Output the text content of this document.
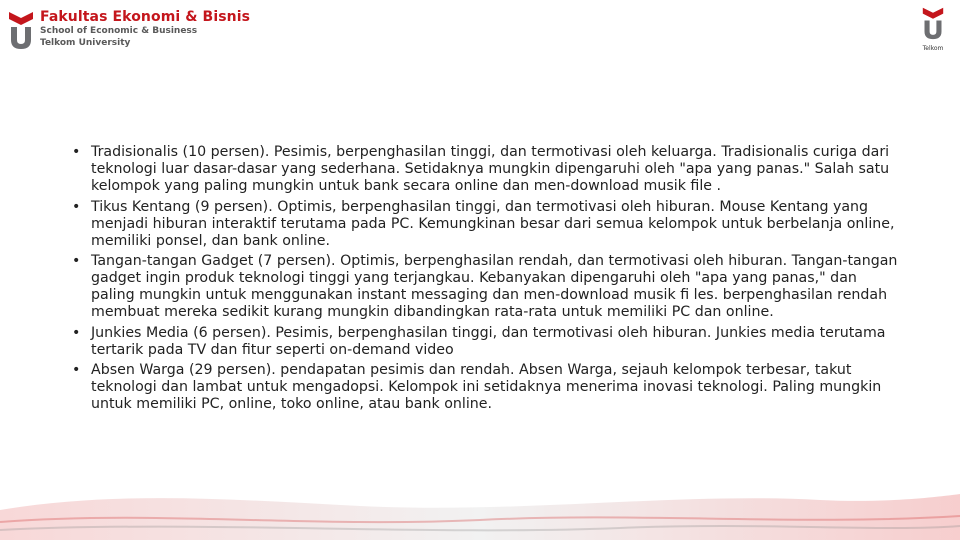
Fakultas Ekonomi & Bisnis
School of Economic & Business
Telkom University
Telkom
• Tradisionalis (10 persen). Pesimis, berpenghasilan tinggi, dan termotivasi oleh keluarga. Tradisionalis curiga dari teknologi luar dasar-dasar yang sederhana. Setidaknya mungkin dipengaruhi oleh "apa yang panas." Salah satu kelompok yang paling mungkin untuk bank secara online dan men-download musik file .
• Tikus Kentang (9 persen). Optimis, berpenghasilan tinggi, dan termotivasi oleh hiburan. Mouse Kentang yang menjadi hiburan interaktif terutama pada PC. Kemungkinan besar dari semua kelompok untuk berbelanja online, memiliki ponsel, dan bank online.
• Tangan-tangan Gadget (7 persen). Optimis, berpenghasilan rendah, dan termotivasi oleh hiburan. Tangan-tangan gadget ingin produk teknologi tinggi yang terjangkau. Kebanyakan dipengaruhi oleh "apa yang panas," dan paling mungkin untuk menggunakan instant messaging dan men-download musik fi les. berpenghasilan rendah membuat mereka sedikit kurang mungkin dibandingkan rata-rata untuk memiliki PC dan online.
• Junkies Media (6 persen). Pesimis, berpenghasilan tinggi, dan termotivasi oleh hiburan. Junkies media terutama tertarik pada TV dan fitur seperti on-demand video
• Absen Warga (29 persen). pendapatan pesimis dan rendah. Absen Warga, sejauh kelompok terbesar, takut teknologi dan lambat untuk mengadopsi. Kelompok ini setidaknya menerima inovasi teknologi. Paling mungkin untuk memiliki PC, online, toko online, atau bank online.
